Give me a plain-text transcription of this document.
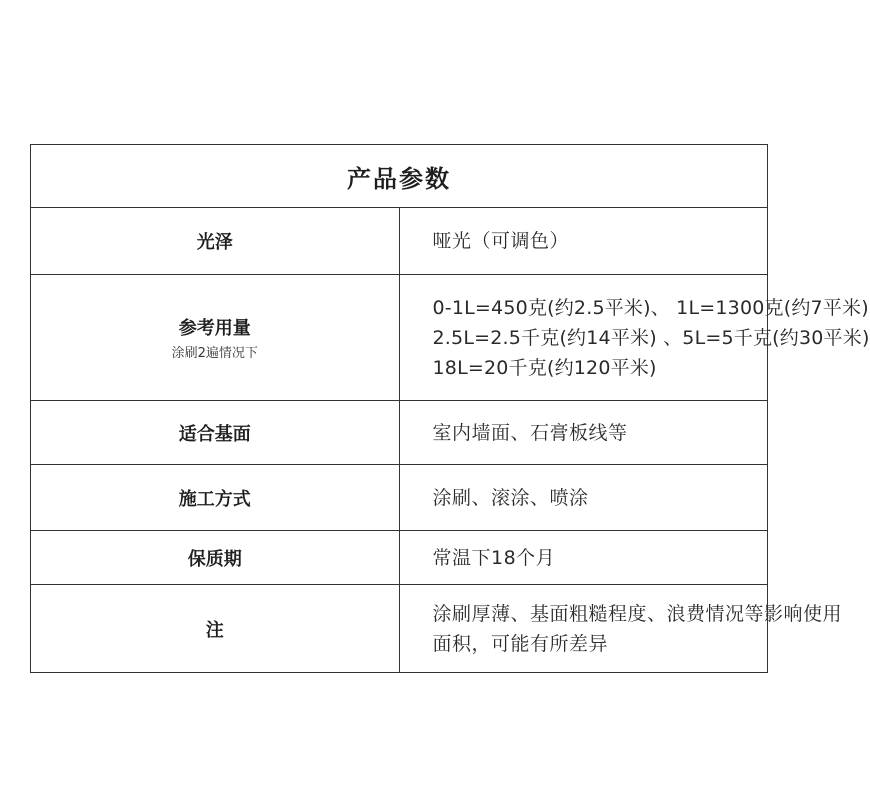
产品参数	
光泽	哑光（可调色）

参考用量
涂刷2遍情况下	0-1L=450克(约2.5平米)、 1L=1300克(约7平米)
2.5L=2.5千克(约14平米) 、5L=5千克(约30平米)
18L=20千克(约120平米)

适合基面	室内墙面、石膏板线等

施工方式	涂刷、滚涂、喷涂

保质期	常温下18个月

注	涂刷厚薄、基面粗糙程度、浪费情况等影响使用
面积，可能有所差异
